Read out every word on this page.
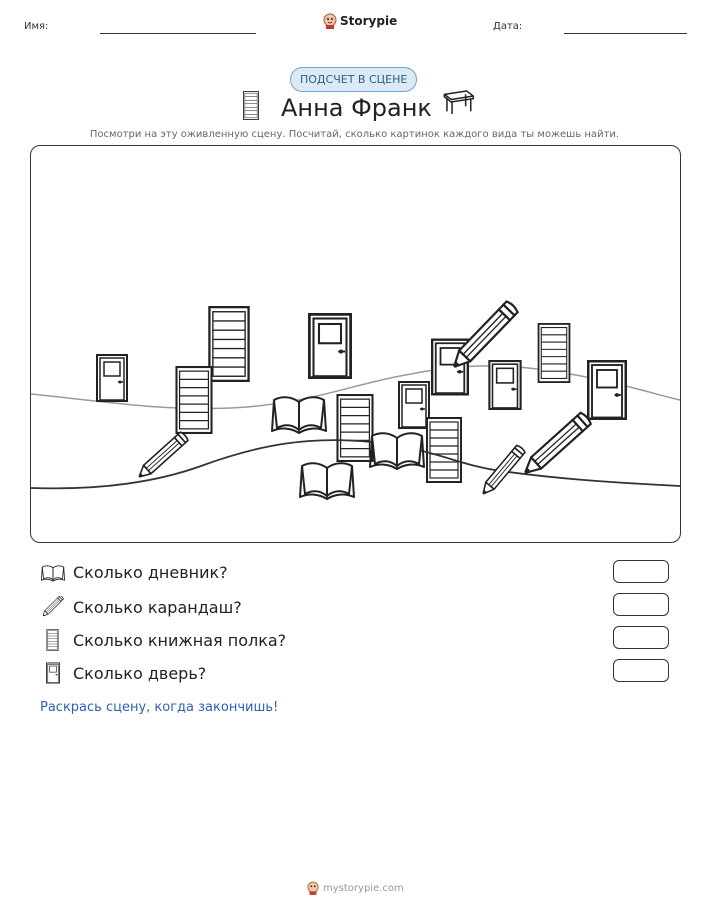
Имя:	Storypie	Дата:
ПОДСЧЕТ В СЦЕНЕ
Анна Франк
Посмотри на эту оживленную сцену. Посчитай, сколько картинок каждого вида ты можешь найти.
Сколько дневник?
Сколько карандаш?
Сколько книжная полка?
Сколько дверь?
Раскрась сцену, когда закончишь!
mystorypie.com
